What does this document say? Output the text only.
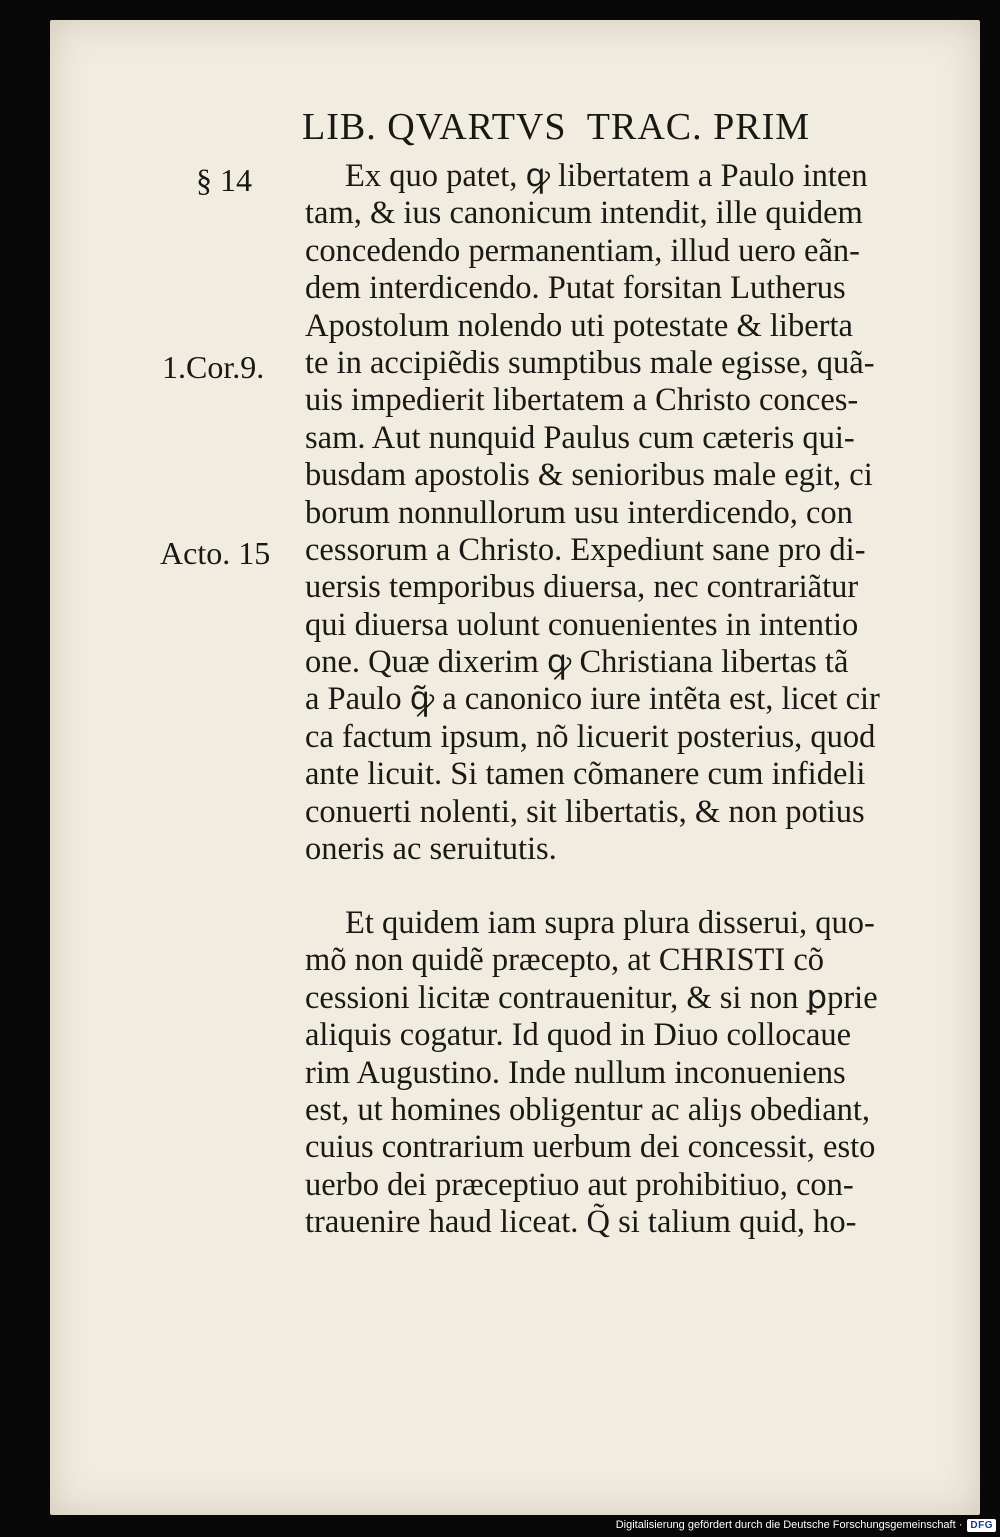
LIB. QVARTVS  TRAC. PRIM
§ 14
1.Cor.9.
Acto. 15
Ex quo patet, ꝙ libertatem a Paulo inten
tam, & ius canonicum intendit, ille quidem
concedendo permanentiam, illud uero eãn-
dem interdicendo. Putat forsitan Lutherus
Apostolum nolendo uti potestate & liberta
te in accipiẽdis sumptibus male egisse, quã-
uis impedierit libertatem a Christo conces-
sam. Aut nunquid Paulus cum cæteris qui-
busdam apostolis & senioribus male egit, ci
borum nonnullorum usu interdicendo, con
cessorum a Christo. Expediunt sane pro di-
uersis temporibus diuersa, nec contrariãtur
qui diuersa uolunt conuenientes in intentio
one. Quæ dixerim ꝙ Christiana libertas tã
a Paulo ꝙ̃ a canonico iure intẽta est, licet cir
ca factum ipsum, nõ licuerit posterius, quod
ante licuit. Si tamen cõmanere cum infideli
conuerti nolenti, sit libertatis, & non potius
oneris ac seruitutis.
Et quidem iam supra plura disserui, quo-
mõ non quidẽ præcepto, at CHRISTI cõ
cessioni licitæ contrauenitur, & si non ꝑprie
aliquis cogatur. Id quod in Diuo collocaue
rim Augustino. Inde nullum inconueniens
est, ut homines obligentur ac aliȷs obediant,
cuius contrarium uerbum dei concessit, esto
uerbo dei præceptiuo aut prohibitiuo, con-
trauenire haud liceat. Q̃ si talium quid, ho-
Digitalisierung gefördert durch die Deutsche Forschungsgemeinschaft · DFG
